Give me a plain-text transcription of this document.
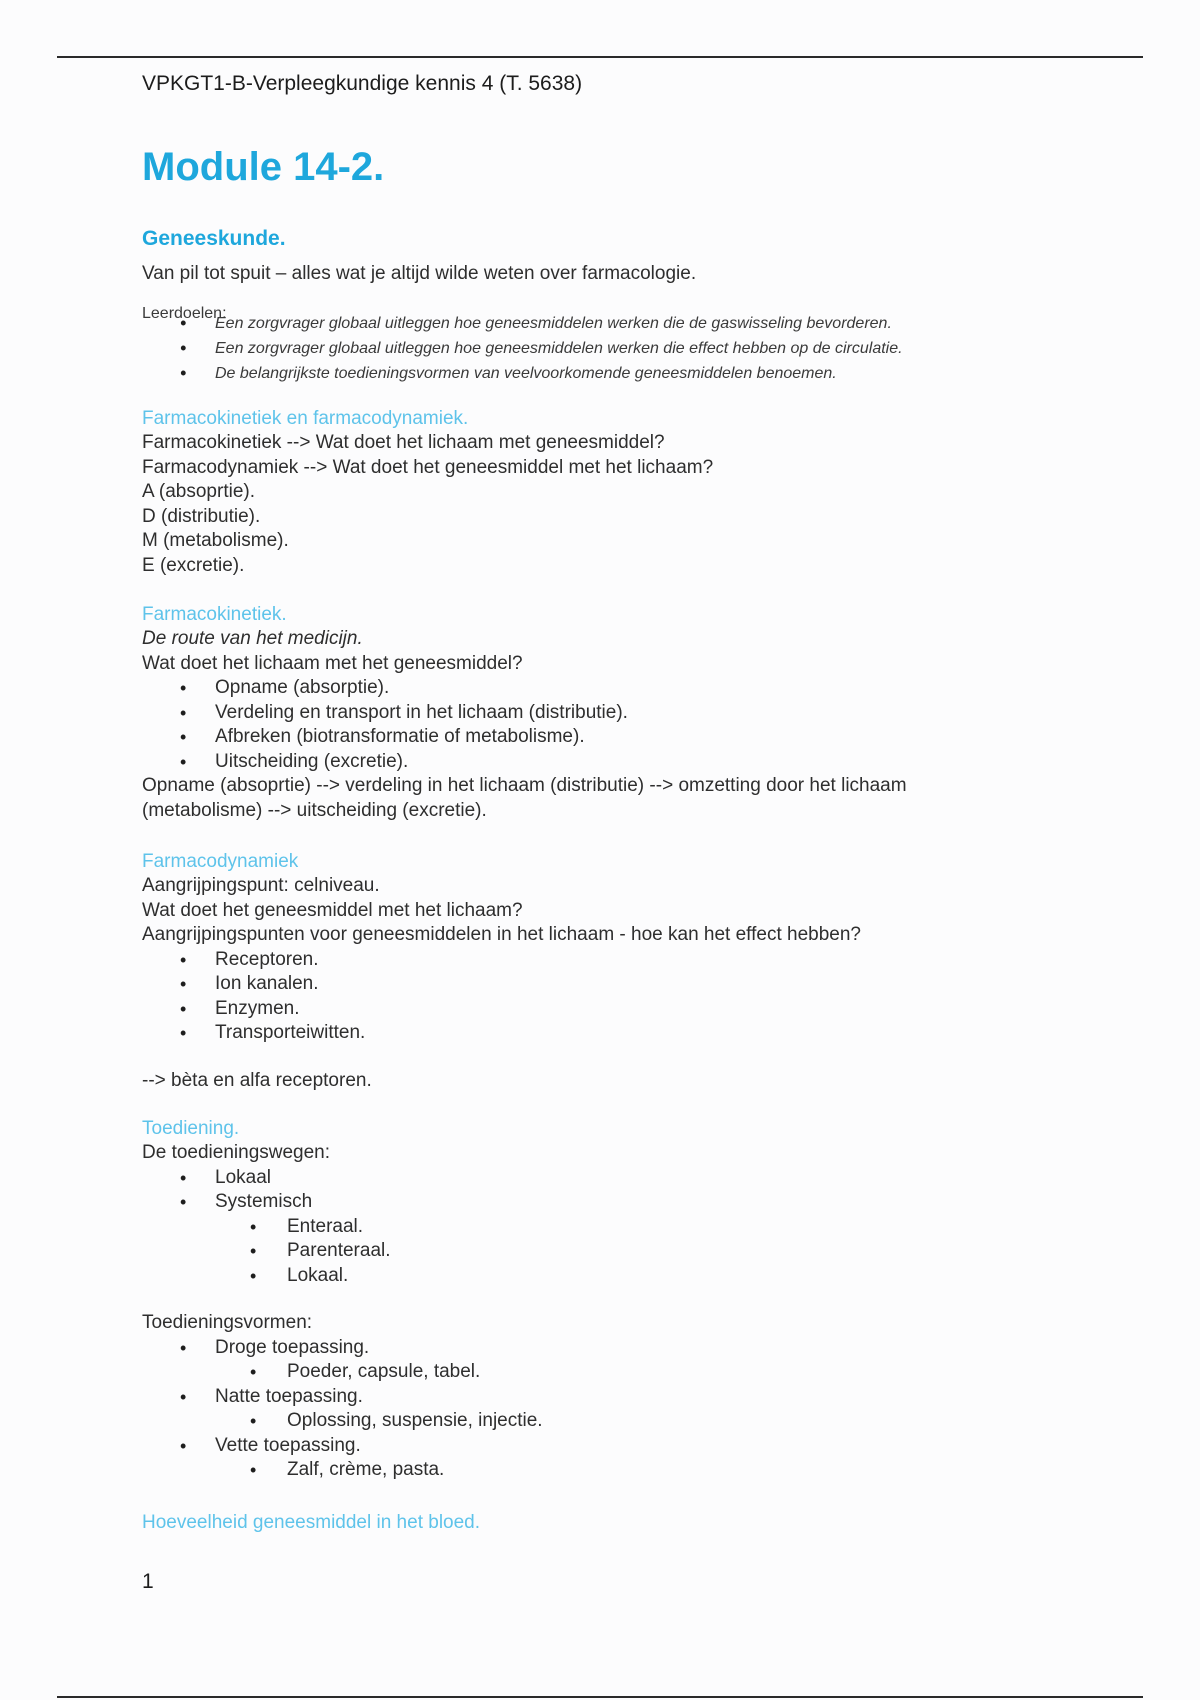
VPKGT1-B-Verpleegkundige kennis 4 (T. 5638)

Module 14-2.
Geneeskunde.

Van pil tot spuit – alles wat je altijd wilde weten over farmacologie.

Leerdoelen:

• Een zorgvrager globaal uitleggen hoe geneesmiddelen werken die de gaswisseling bevorderen.
• Een zorgvrager globaal uitleggen hoe geneesmiddelen werken die effect hebben op de circulatie.
• De belangrijkste toedieningsvormen van veelvoorkomende geneesmiddelen benoemen.
Farmacokinetiek en farmacodynamiek.

Farmacokinetiek --> Wat doet het lichaam met geneesmiddel?

Farmacodynamiek --> Wat doet het geneesmiddel met het lichaam?

A (absoprtie).

D (distributie).

M (metabolisme).

E (excretie).

Farmacokinetiek.

De route van het medicijn.

Wat doet het lichaam met het geneesmiddel?

• Opname (absorptie).
• Verdeling en transport in het lichaam (distributie).
• Afbreken (biotransformatie of metabolisme).
• Uitscheiding (excretie).

Opname (absoprtie) --> verdeling in het lichaam (distributie) --> omzetting door het lichaam

(metabolisme) --> uitscheiding (excretie).

Farmacodynamiek

Aangrijpingspunt: celniveau.

Wat doet het geneesmiddel met het lichaam?

Aangrijpingspunten voor geneesmiddelen in het lichaam - hoe kan het effect hebben?

• Receptoren.
• Ion kanalen.
• Enzymen.
• Transporteiwitten.

--> bèta en alfa receptoren.

Toediening.

De toedieningswegen:

• Lokaal
• Systemisch
• Enteraal.
• Parenteraal.
• Lokaal.

Toedieningsvormen:

• Droge toepassing.
• Poeder, capsule, tabel.
• Natte toepassing.
• Oplossing, suspensie, injectie.
• Vette toepassing.
• Zalf, crème, pasta.
Hoeveelheid geneesmiddel in het bloed.
1
